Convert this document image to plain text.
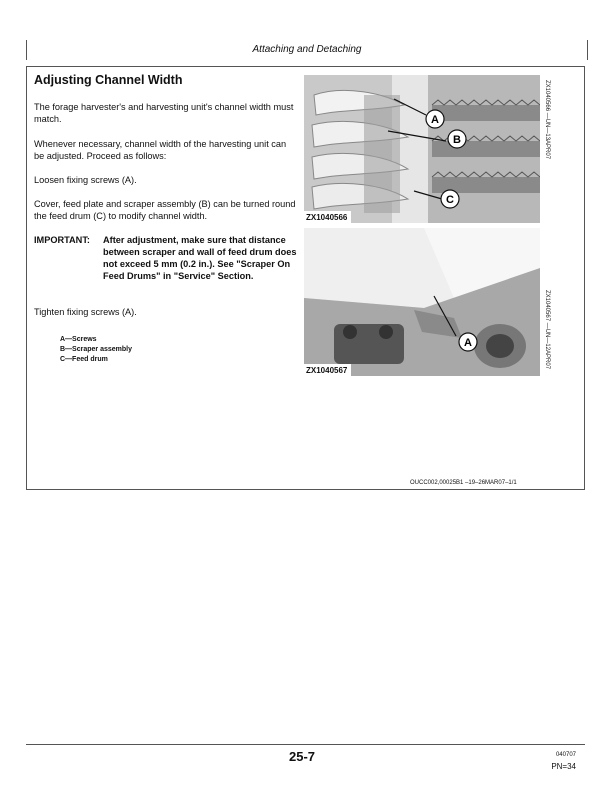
Attaching and Detaching
Adjusting Channel Width

The forage harvester's and harvesting unit's channel width must match.

Whenever necessary, channel width of the harvesting unit can be adjusted. Proceed as follows:

Loosen fixing screws (A).

Cover, feed plate and scraper assembly (B) can be turned round the feed drum (C) to modify channel width.

IMPORTANT: After adjustment, make sure that distance between scraper and wall of feed drum does not exceed 5 mm (0.2 in.). See "Scraper On Feed Drums" in "Service" Section.

Tighten fixing screws (A).

A—Screws
B—Scraper assembly
C—Feed drum
A
B
C
ZX1040566
ZX1040566 —UN—13APR07
A
ZX1040567
ZX1040567 —UN—12APR07
OUCC002,00025B1 –19–26MAR07–1/1
25-7	040707
PN=34
